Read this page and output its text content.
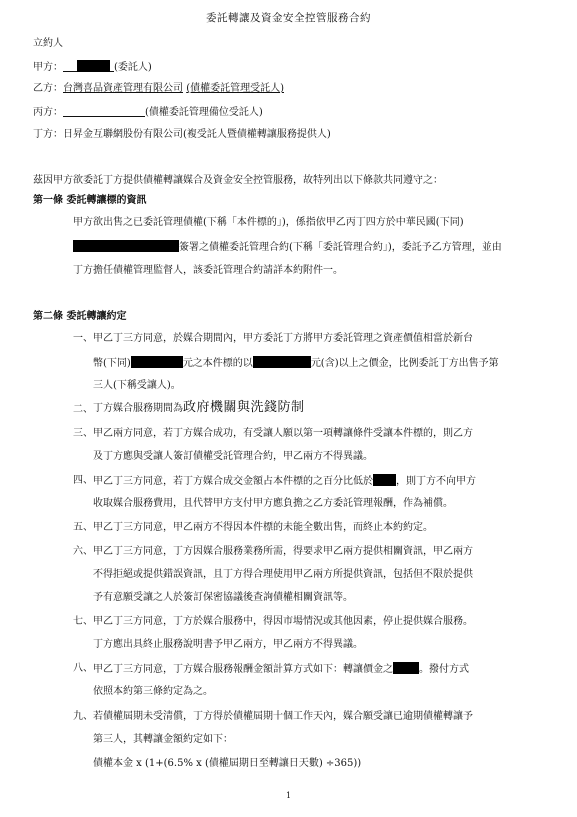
委託轉讓及資金安全控管服務合約
立約人
甲方：	(委託人)
乙方：台灣喜品資產管理有限公司 (債權委託管理受託人)
丙方：	(債權委託管理備位受託人)
丁方：日昇金互聯網股份有限公司(複受託人暨債權轉讓服務提供人)
茲因甲方欲委託丁方提供債權轉讓媒合及資金安全控管服務，故特列出以下條款共同遵守之：
第一條 委託轉讓標的資訊
甲方欲出售之已委託管理債權(下稱「本件標的」)，係指依甲乙丙丁四方於中華民國(下同)
簽署之債權委託管理合約(下稱「委託管理合約」)，委託予乙方管理，並由
丁方擔任債權管理監督人，該委託管理合約請詳本約附件一。
第二條 委託轉讓約定
一、 甲乙丁三方同意，於媒合期間內，甲方委託丁方將甲方委託管理之資產價值相當於新台
幣(下同)	元之本件標的以	元(含)以上之價金，比例委託丁方出售予第
三人(下稱受讓人)。
二、 丁方媒合服務期間為政府機關與洗錢防制
三、 甲乙兩方同意，若丁方媒合成功，有受讓人願以第一項轉讓條件受讓本件標的，則乙方
及丁方應與受讓人簽訂債權受託管理合約，甲乙兩方不得異議。
四、 甲乙丁三方同意，若丁方媒合成交金額占本件標的之百分比低於 ，則丁方不向甲方
收取媒合服務費用，且代替甲方支付甲方應負擔之乙方委託管理報酬，作為補償。
五、 甲乙丁三方同意，甲乙兩方不得因本件標的未能全數出售，而終止本約約定。
六、 甲乙丁三方同意，丁方因媒合服務業務所需，得要求甲乙兩方提供相關資訊，甲乙兩方
不得拒絕或提供錯誤資訊，且丁方得合理使用甲乙兩方所提供資訊，包括但不限於提供
予有意願受讓之人於簽訂保密協議後查詢債權相關資訊等。
七、 甲乙丁三方同意，丁方於媒合服務中，得因市場情況或其他因素，停止提供媒合服務。
丁方應出具終止服務說明書予甲乙兩方，甲乙兩方不得異議。
八、 甲乙丁三方同意，丁方媒合服務報酬金額計算方式如下：轉讓價金之	。撥付方式
依照本約第三條約定為之。
九、 若債權屆期未受清償，丁方得於債權屆期十個工作天內，媒合願受讓已逾期債權轉讓予
第三人，其轉讓金額約定如下：
債權本金 x (1+(6.5% x (債權屆期日至轉讓日天數) ÷365))
1
